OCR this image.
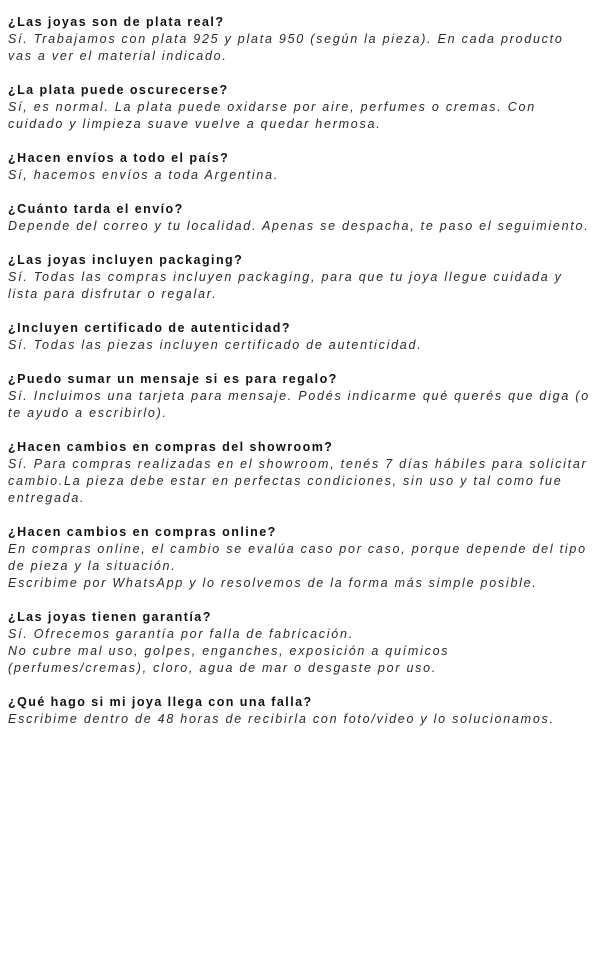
¿Las joyas son de plata real?

Sí. Trabajamos con plata 925 y plata 950 (según la pieza). En cada producto
vas a ver el material indicado.

¿La plata puede oscurecerse?

Sí, es normal. La plata puede oxidarse por aire, perfumes o cremas. Con
cuidado y limpieza suave vuelve a quedar hermosa.

¿Hacen envíos a todo el país?

Sí, hacemos envíos a toda Argentina.

¿Cuánto tarda el envío?

Depende del correo y tu localidad. Apenas se despacha, te paso el seguimiento.

¿Las joyas incluyen packaging?

Sí. Todas las compras incluyen packaging, para que tu joya llegue cuidada y
lista para disfrutar o regalar.

¿Incluyen certificado de autenticidad?

Sí. Todas las piezas incluyen certificado de autenticidad.

¿Puedo sumar un mensaje si es para regalo?

Sí. Incluimos una tarjeta para mensaje. Podés indicarme qué querés que diga (o
te ayudo a escribirlo).

¿Hacen cambios en compras del showroom?

Sí. Para compras realizadas en el showroom, tenés 7 días hábiles para solicitar
cambio.La pieza debe estar en perfectas condiciones, sin uso y tal como fue
entregada.

¿Hacen cambios en compras online?

En compras online, el cambio se evalúa caso por caso, porque depende del tipo
de pieza y la situación.
Escribime por WhatsApp y lo resolvemos de la forma más simple posible.

¿Las joyas tienen garantía?

Sí. Ofrecemos garantía por falla de fabricación.
No cubre mal uso, golpes, enganches, exposición a químicos
(perfumes/cremas), cloro, agua de mar o desgaste por uso.

¿Qué hago si mi joya llega con una falla?

Escribime dentro de 48 horas de recibirla con foto/video y lo solucionamos.
